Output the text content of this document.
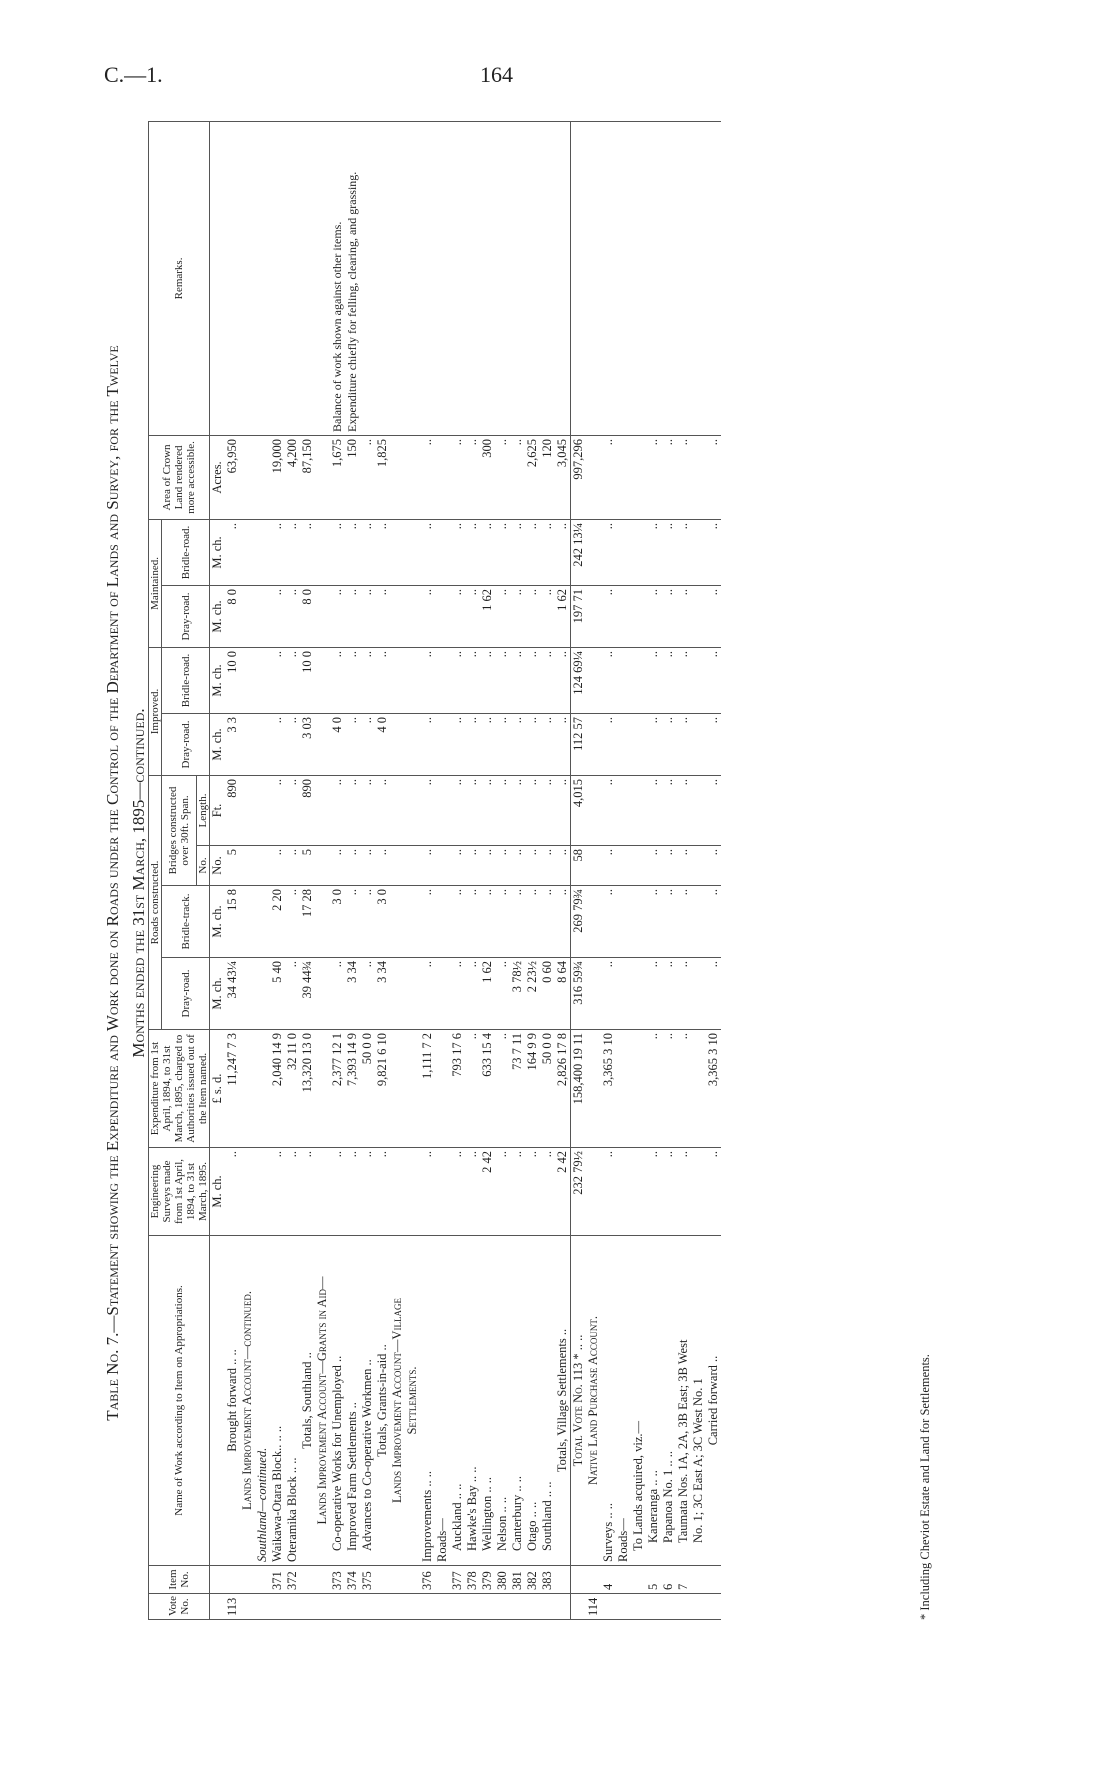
C.—1.	164

Table No. 7.—Statement showing the Expenditure and Work done on Roads under the Control of the Department of Lands and Survey, for the Twelve Months ended the 31st March, 1895—continued.

Vote No.	Item No.	Name of Work according to Item on Appropriations.	Engineering Surveys made from 1st April, 1894, to 31st March, 1895.	Expenditure from 1st April, 1894, to 31st March, 1895, charged to Authorities issued out of the Item named.	Roads constructed.				Improved.		Maintained.		Area of Crown Land rendered more accessible.	Remarks.
					Dray-road.	Bridle-track.	Bridges constructed over 30ft. Span.		Dray-road.	Bridle-road.	Dray-road.	Bridle-road.		
							No.	Length.						
			M. ch.	£ s. d.	M. ch.	M. ch.	No.	Ft.	M. ch.	M. ch.	M. ch.	M. ch.	Acres.	
113		Brought forward .. ..	..	11,247 7 3	34 43¼	15 8	5	890	3 3	10 0	8 0	..	63,950	
		Lands Improvement Account—continued.												
		Southland—continued.												
	371	Waikawa-Otara Block.. .. ..	..	2,040 14 9	5 40	2 20	..	..	..	..	..	..	19,000	
	372	Oteramika Block .. ..	..	32 11 0	..	..	..	..	..	..	..	..	4,200	
		Totals, Southland ..	..	13,320 13 0	39 44¾	17 28	5	890	3 03	10 0	8 0	..	87,150	
		Lands Improvement Account—Grants in Aid—												
	373	Co-operative Works for Unemployed ..	..	2,377 12 1	..	3 0	..	..	4 0	..	..	..	1,675	Balance of work shown against other items.
	374	Improved Farm Settlements ..	..	7,393 14 9	3 34	..	..	..	..	..	..	..	150	Expenditure chiefly for felling, clearing, and grassing.
	375	Advances to Co-operative Workmen ..	..	50 0 0	..	..	..	..	..	..	..	..	..	
		Totals, Grants-in-aid ..	..	9,821 6 10	3 34	3 0	..	..	4 0	..	..	..	1,825	
		Lands Improvement Account—Village												
		Settlements.												
	376	Improvements .. ..	..	1,111 7 2	..	..	..	..	..	..	..	..	..	
		Roads—												
	377	Auckland .. ..	..	793 17 6	..	..	..	..	..	..	..	..	..	
	378	Hawke's Bay .. ..	..	..	..	..	..	..	..	..	..	..	..	
	379	Wellington .. ..	2 42	633 15 4	1 62	..	..	..	..	..	1 62	..	300	
	380	Nelson .. ..	..	..	..	..	..	..	..	..	..	..	..	
	381	Canterbury .. ..	..	73 7 11	3 78½	..	..	..	..	..	..	..	..	
	382	Otago .. ..	..	164 9 9	2 23½	..	..	..	..	..	..	..	2,625	
	383	Southland .. ..	..	50 0 0	0 60	..	..	..	..	..	..	..	120	
		Totals, Village Settlements ..	2 42	2,826 17 8	8 64	..	..	..	..	..	1 62	..	3,045	
		Total Vote No. 113 * .. ..	232 79½	158,400 19 11	316 59¾	269 79¾	58	4,015	112 57	124 69¼	197 71	242 13¼	997,296	
114		Native Land Purchase Account.												
	4	Surveys .. ..	..	3,365 3 10	..	..	..	..	..	..	..	..	..	
		Roads—												
		To Lands acquired, viz.—												
	5	Kaneranga .. ..	..	..	..	..	..	..	..	..	..	..	..	
	6	Papanoa No. 1 .. ..	..	..	..	..	..	..	..	..	..	..	..	
	7	Taumata Nos. 1A, 2A, 3B East; 3B West	..	..	..	..	..	..	..	..	..	..	..	
		No. 1; 3C East A; 3C West No. 1												
		Carried forward ..	..	3,365 3 10	..	..	..	..	..	..	..	..	..	
* Including Cheviot Estate and Land for Settlements.
